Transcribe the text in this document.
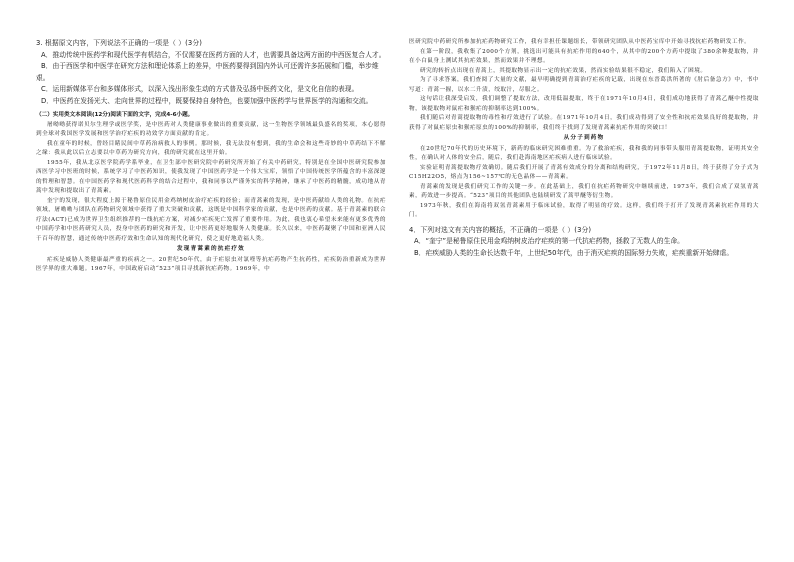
3. 根据原文内容，下列说法不正确的一项是（ ）(3分)

A．推动传统中医药学和现代医学有机结合，不仅需要在医药方面的人才，也需要具备这两方面的中西医复合人才。

B．由于西医学和中医学在研究方法和理论体系上的差异，中医药要得到国内外认可还需许多拓展和门槛，举步维艰。

C．运用新媒体平台和多媒体形式，以深入浅出形象生动的方式普及弘扬中医药文化，是文化自信的表现。

D．中医药在发扬光大、走向世界的过程中，既要保持自身特色，也要加强中医药学与世界医学的沟通和交流。

（二）实用类文本阅读(12分)阅读下面的文字，完成4-6小题。

屠呦呦获得诺贝尔生理学或医学奖，是中医药对人类健康事业做出的重要贡献，这一生物医学领域最负盛名的奖项，本心愿得到全球对我国医学发展和医学治疗疟疾的功效学方面贡献的肯定。

我在童年的时候，曾经目睹民间中草药治病救人的事例。那时候，我无法没有想到，我的生命会和这些奇妙的中草药结下不解之缘：我从此以后立志要以中草药为研究方向，我的研究就在这里开始。

1955年，我从北京医学院药学系毕业，在卫生部中医研究院中药研究所开始了有关中药研究，特别是在全国中医研究院参加西医学习中医班的时候，系统学习了中医药知识，使我发现了中国医药学是一个伟大宝库，领悟了中国传统医学所蕴含的丰富深邃的哲理和智慧。在中国医药学和现代医药科学的结合过程中，我和同事以严谨务实的科学精神，继承了中医药的精髓，成功地从青蒿中发现和提取出了青蒿素。

奎宁的发现，很大程度上源于秘鲁原住民用金鸡纳树皮治疗疟疾的经验；而青蒿素的发现，是中医药献给人类的礼物。在抗疟领域，屠呦呦与团队在药物研究领域中获得了重大突破和贡献，这既是中国科学家的贡献，也是中医药的贡献。基于青蒿素的联合疗法(ACT)已成为世界卫生组织推荐的一线抗疟方案，对减少疟疾死亡发挥了重要作用。为此，我也衷心希望未来能有更多优秀的中国药学和中医药研究人员，投身中医药的研究和开发，让中医药更好地服务人类健康。长久以来，中医药凝聚了中国和亚洲人民千百年的智慧，通过传统中医药疗效和生命认知的现代化研究，使之更好地造福人类。

发现青蒿素的抗疟疗效

疟疾是威胁人类健康最严重的疾病之一。20世纪50年代，由于疟原虫对氯喹等抗疟药物产生抗药性，疟疾防治重新成为世界医学界的重大难题。1967年，中国政府启动“523”项目寻找新抗疟药物。1969年，中

医研究院中药研究所参加抗疟药物研究工作，我有幸担任课题组长，带领研究团队从中医药宝库中开始寻找抗疟药物研发工作。

在第一阶段，我收集了2000个方剂，挑选出可能具有抗疟作用的640个，从其中的200个方药中提取了380余种提取物，并在小白鼠身上测试其抗疟效果，然而效果并不理想。

研究的转折点出现在青蒿上，其提取物显示出一定的抗疟效果，然而实验结果很不稳定，我们陷入了困境。

为了寻求答案，我们查阅了大量的文献，最早明确提到青蒿治疗疟疾的记载，出现在东晋葛洪所著的《肘后备急方》中，书中写道：青蒿一握，以水二升渍，绞取汁，尽服之。

这句话让我深受启发，我们调整了提取方法，改用低温提取，终于在1971年10月4日，我们成功地获得了青蒿乙醚中性提取物，该提取物对鼠疟和猴疟的抑制率达到100%。

我们随后对青蒿提取物的毒性和疗效进行了试验。在1971年10月4日，我们成功得到了安全性和抗疟效果良好的提取物，并获得了对鼠疟原虫和猴疟原虫的100%的抑制率，我们终于找到了发现青蒿素抗疟作用的突破口！

从分子到药物

在20世纪70年代的历史环境下，新药的临床研究困难重重。为了救治疟疾，我和我的同事带头服用青蒿提取物，证明其安全性，在确认对人体的安全后，随后，我们赴海南地区疟疾病人进行临床试验。

实验证明青蒿提取物疗效确切。随后我们开展了青蒿有效成分的分离和结构研究，于1972年11月8日，终于获得了分子式为C15H22O5，熔点为156~157℃的无色晶体——青蒿素。

青蒿素的发现是我们研究工作的关键一步。在此基础上，我们在抗疟药物研究中继续前进，1973年，我们合成了双氢青蒿素，药效进一步提高。“523”项目的其他团队也陆续研发了蒿甲醚等衍生物。

1973年秋，我们在海南将双氢青蒿素用于临床试验，取得了明显的疗效。这样，我们终于打开了发现青蒿素抗疟作用的大门。

4．下列对选文有关内容的概括，不正确的一项是（ ）(3分)

A．“奎宁”是秘鲁原住民用金鸡纳树皮治疗疟疾的第一代抗疟药物，拯救了无数人的生命。

B．疟疾威胁人类的生命长达数千年，上世纪50年代，由于消灭疟疾的国际努力失败，疟疾重新开始肆虐。
